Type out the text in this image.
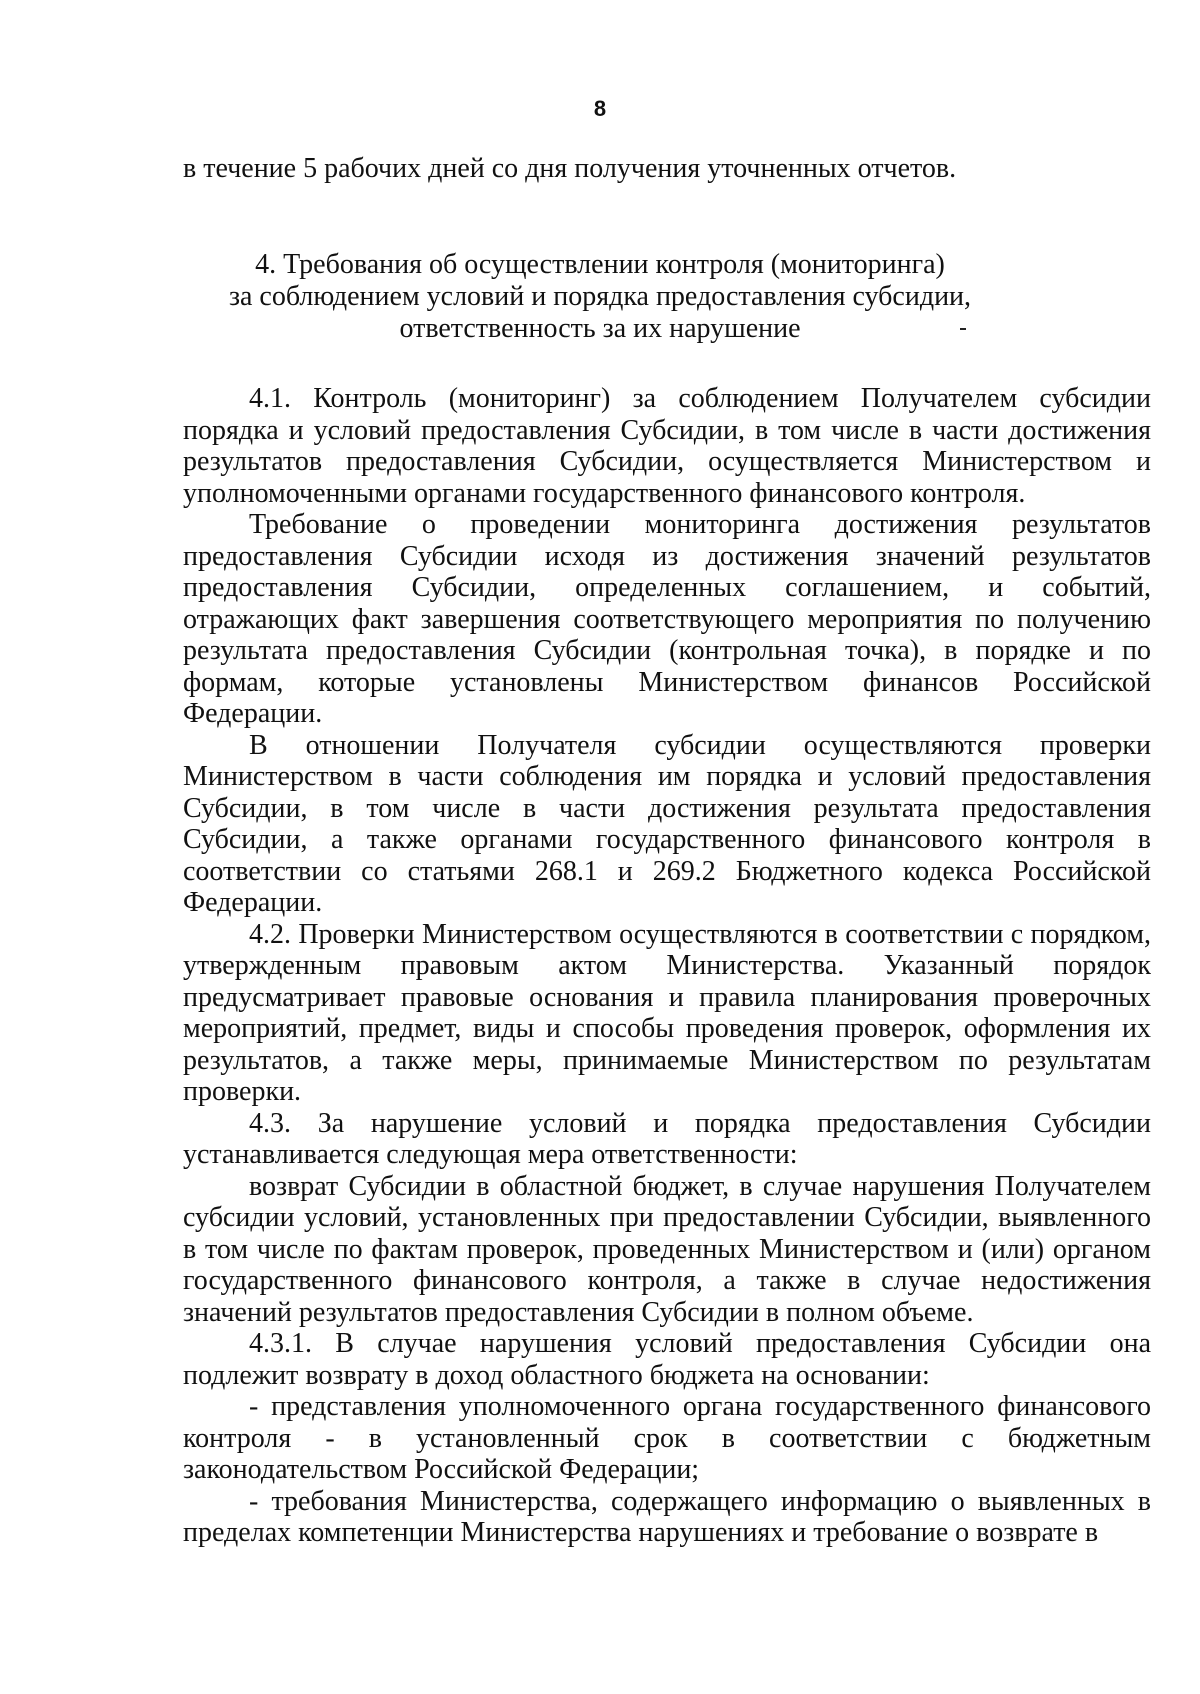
8

в течение 5 рабочих дней со дня получения уточненных отчетов.

4. Требования об осуществлении контроля (мониторинга)
за соблюдением условий и порядка предоставления субсидии,
ответственность за их нарушение

4.1. Контроль (мониторинг) за соблюдением Получателем субсидии порядка и условий предоставления Субсидии, в том числе в части достижения результатов предоставления Субсидии, осуществляется Министерством и уполномоченными органами государственного финансового контроля.

Требование о проведении мониторинга достижения результатов предоставления Субсидии исходя из достижения значений результатов предоставления Субсидии, определенных соглашением, и событий, отражающих факт завершения соответствующего мероприятия по получению результата предоставления Субсидии (контрольная точка), в порядке и по формам, которые установлены Министерством финансов Российской Федерации.

В отношении Получателя субсидии осуществляются проверки Министерством в части соблюдения им порядка и условий предоставления Субсидии, в том числе в части достижения результата предоставления Субсидии, а также органами государственного финансового контроля в соответствии со статьями 268.1 и 269.2 Бюджетного кодекса Российской Федерации.

4.2. Проверки Министерством осуществляются в соответствии с порядком, утвержденным правовым актом Министерства. Указанный порядок предусматривает правовые основания и правила планирования проверочных мероприятий, предмет, виды и способы проведения проверок, оформления их результатов, а также меры, принимаемые Министерством по результатам проверки.

4.3. За нарушение условий и порядка предоставления Субсидии устанавливается следующая мера ответственности:

возврат Субсидии в областной бюджет, в случае нарушения Получателем субсидии условий, установленных при предоставлении Субсидии, выявленного в том числе по фактам проверок, проведенных Министерством и (или) органом государственного финансового контроля, а также в случае недостижения значений результатов предоставления Субсидии в полном объеме.

4.3.1. В случае нарушения условий предоставления Субсидии она подлежит возврату в доход областного бюджета на основании:

- представления уполномоченного органа государственного финансового контроля - в установленный срок в соответствии с бюджетным законодательством Российской Федерации;

- требования Министерства, содержащего информацию о выявленных в пределах компетенции Министерства нарушениях и требование о возврате в
